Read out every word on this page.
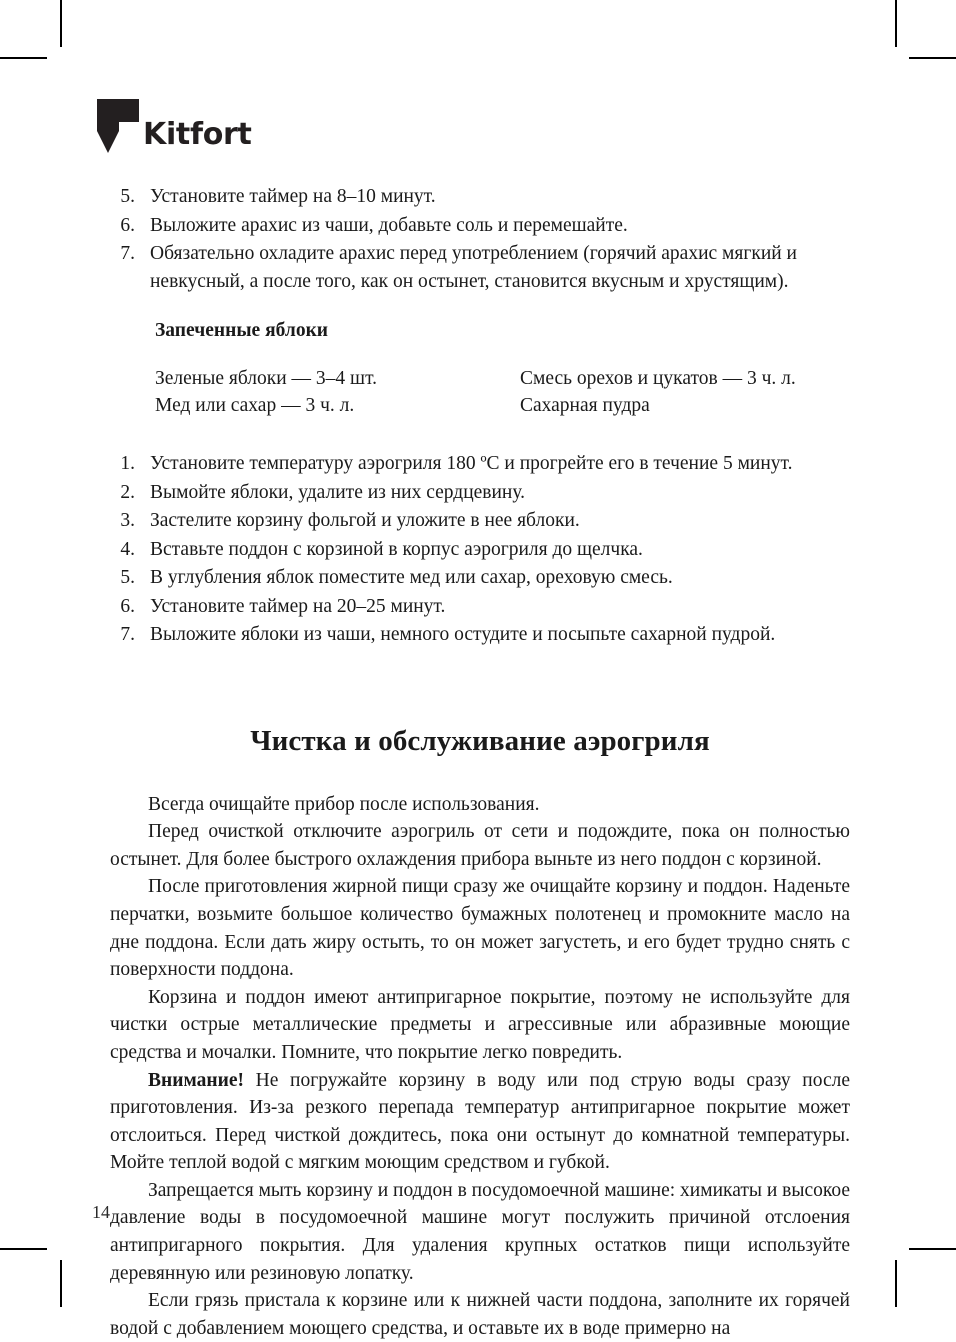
Kitfort
5. Установите таймер на 8–10 минут.
6. Выложите арахис из чаши, добавьте соль и перемешайте.
7. Обязательно охладите арахис перед употреблением (горячий арахис мягкий и невкусный, а после того, как он остынет, становится вкусным и хрустящим).
Запеченные яблоки
Зеленые яблоки — 3–4 шт.
Мед или сахар — 3 ч. л.
Смесь орехов и цукатов — 3 ч. л.
Сахарная пудра
1. Установите температуру аэрогриля 180 ºС и прогрейте его в течение 5 минут.
2. Вымойте яблоки, удалите из них сердцевину.
3. Застелите корзину фольгой и уложите в нее яблоки.
4. Вставьте поддон с корзиной в корпус аэрогриля до щелчка.
5. В углубления яблок поместите мед или сахар, ореховую смесь.
6. Установите таймер на 20–25 минут.
7. Выложите яблоки из чаши, немного остудите и посыпьте сахарной пудрой.
Чистка и обслуживание аэрогриля

Всегда очищайте прибор после использования.

Перед очисткой отключите аэрогриль от сети и подождите, пока он полностью остынет. Для более быстрого охлаждения прибора выньте из него поддон с корзиной.

После приготовления жирной пищи сразу же очищайте корзину и поддон. Наденьте перчатки, возьмите большое количество бумажных полотенец и промокните масло на дне поддона. Если дать жиру остыть, то он может загустеть, и его будет трудно снять с поверхности поддона.

Корзина и поддон имеют антипригарное покрытие, поэтому не используйте для чистки острые металлические предметы и агрессивные или абразивные моющие средства и мочалки. Помните, что покрытие легко повредить.

Внимание! Не погружайте корзину в воду или под струю воды сразу после приготовления. Из-за резкого перепада температур антипригарное покрытие может отслоиться. Перед чисткой дождитесь, пока они остынут до комнатной температуры. Мойте теплой водой с мягким моющим средством и губкой.

Запрещается мыть корзину и поддон в посудомоечной машине: химикаты и высокое давление воды в посудомоечной машине могут послужить причиной отслоения антипригарного покрытия. Для удаления крупных остатков пищи используйте деревянную или резиновую лопатку.

Если грязь пристала к корзине или к нижней части поддона, заполните их горячей водой с добавлением моющего средства, и оставьте их в воде примерно на

14
